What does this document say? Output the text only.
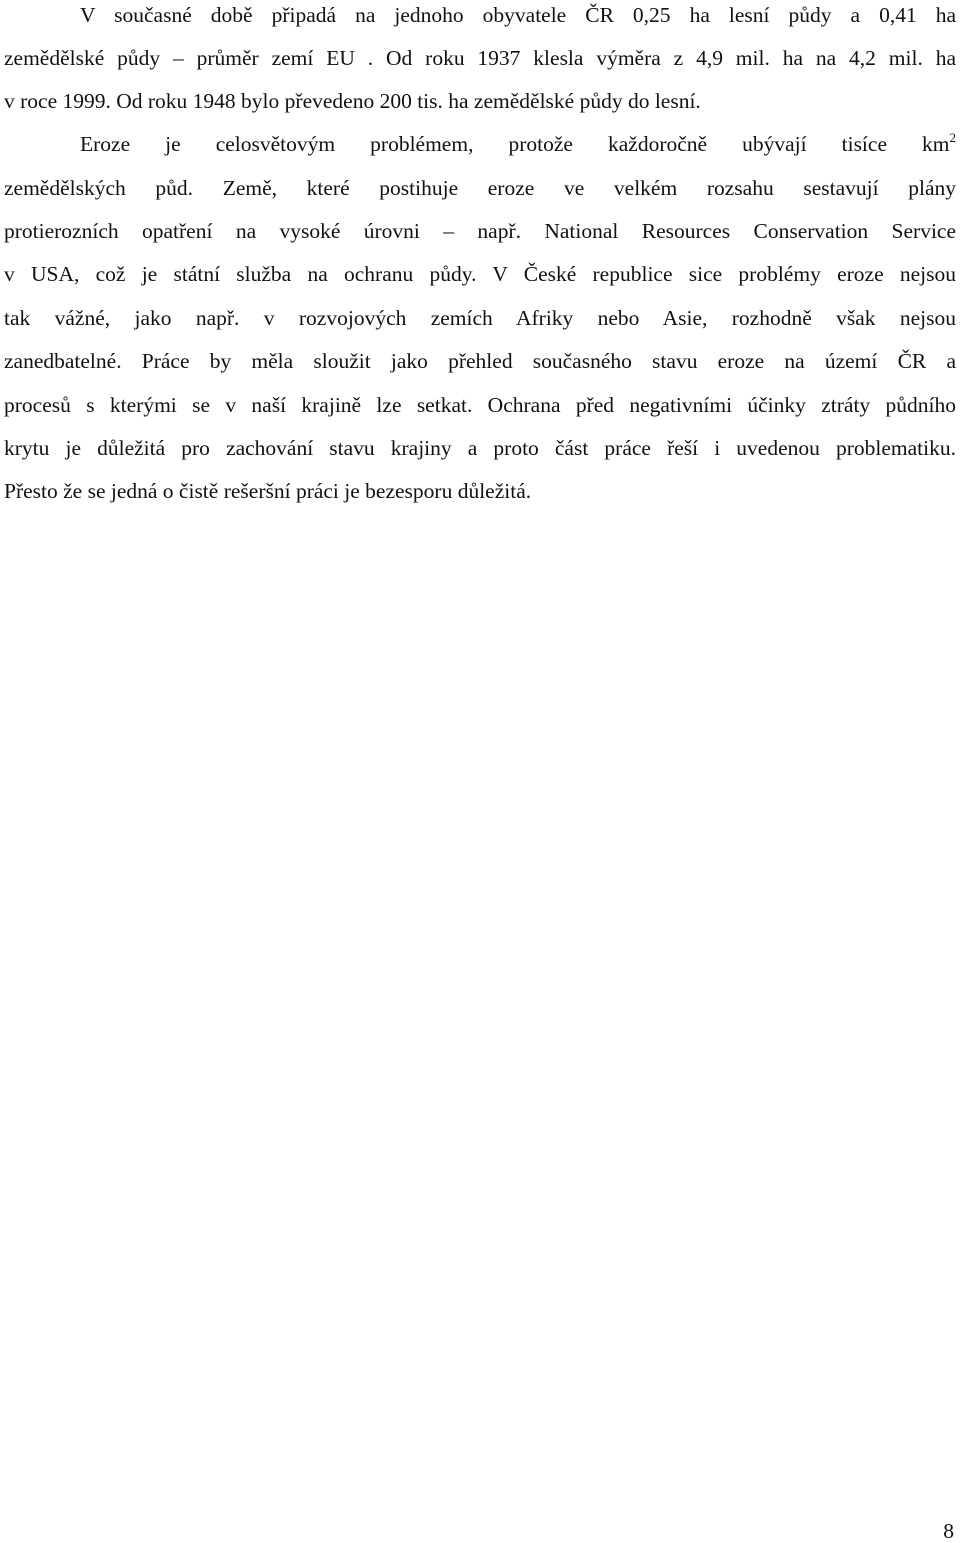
V současné době připadá na jednoho obyvatele ČR 0,25 ha lesní půdy a 0,41 ha
zemědělské půdy – průměr zemí EU . Od roku 1937 klesla výměra z 4,9 mil. ha na 4,2 mil. ha
v roce 1999. Od roku 1948 bylo převedeno 200 tis. ha zemědělské půdy do lesní.
Eroze je celosvětovým problémem, protože každoročně ubývají tisíce $km^2$
zemědělských půd. Země, které postihuje eroze ve velkém rozsahu sestavují plány
protierozních opatření na vysoké úrovni – např. National Resources Conservation Service
v USA, což je státní služba na ochranu půdy. V České republice sice problémy eroze nejsou
tak vážné, jako např. v rozvojových zemích Afriky nebo Asie, rozhodně však nejsou
zanedbatelné. Práce by měla sloužit jako přehled současného stavu eroze na území ČR a
procesů s kterými se v naší krajině lze setkat. Ochrana před negativními účinky ztráty půdního
krytu je důležitá pro zachování stavu krajiny a proto část práce řeší i uvedenou problematiku.
Přesto že se jedná o čistě rešeršní práci je bezesporu důležitá.
8
